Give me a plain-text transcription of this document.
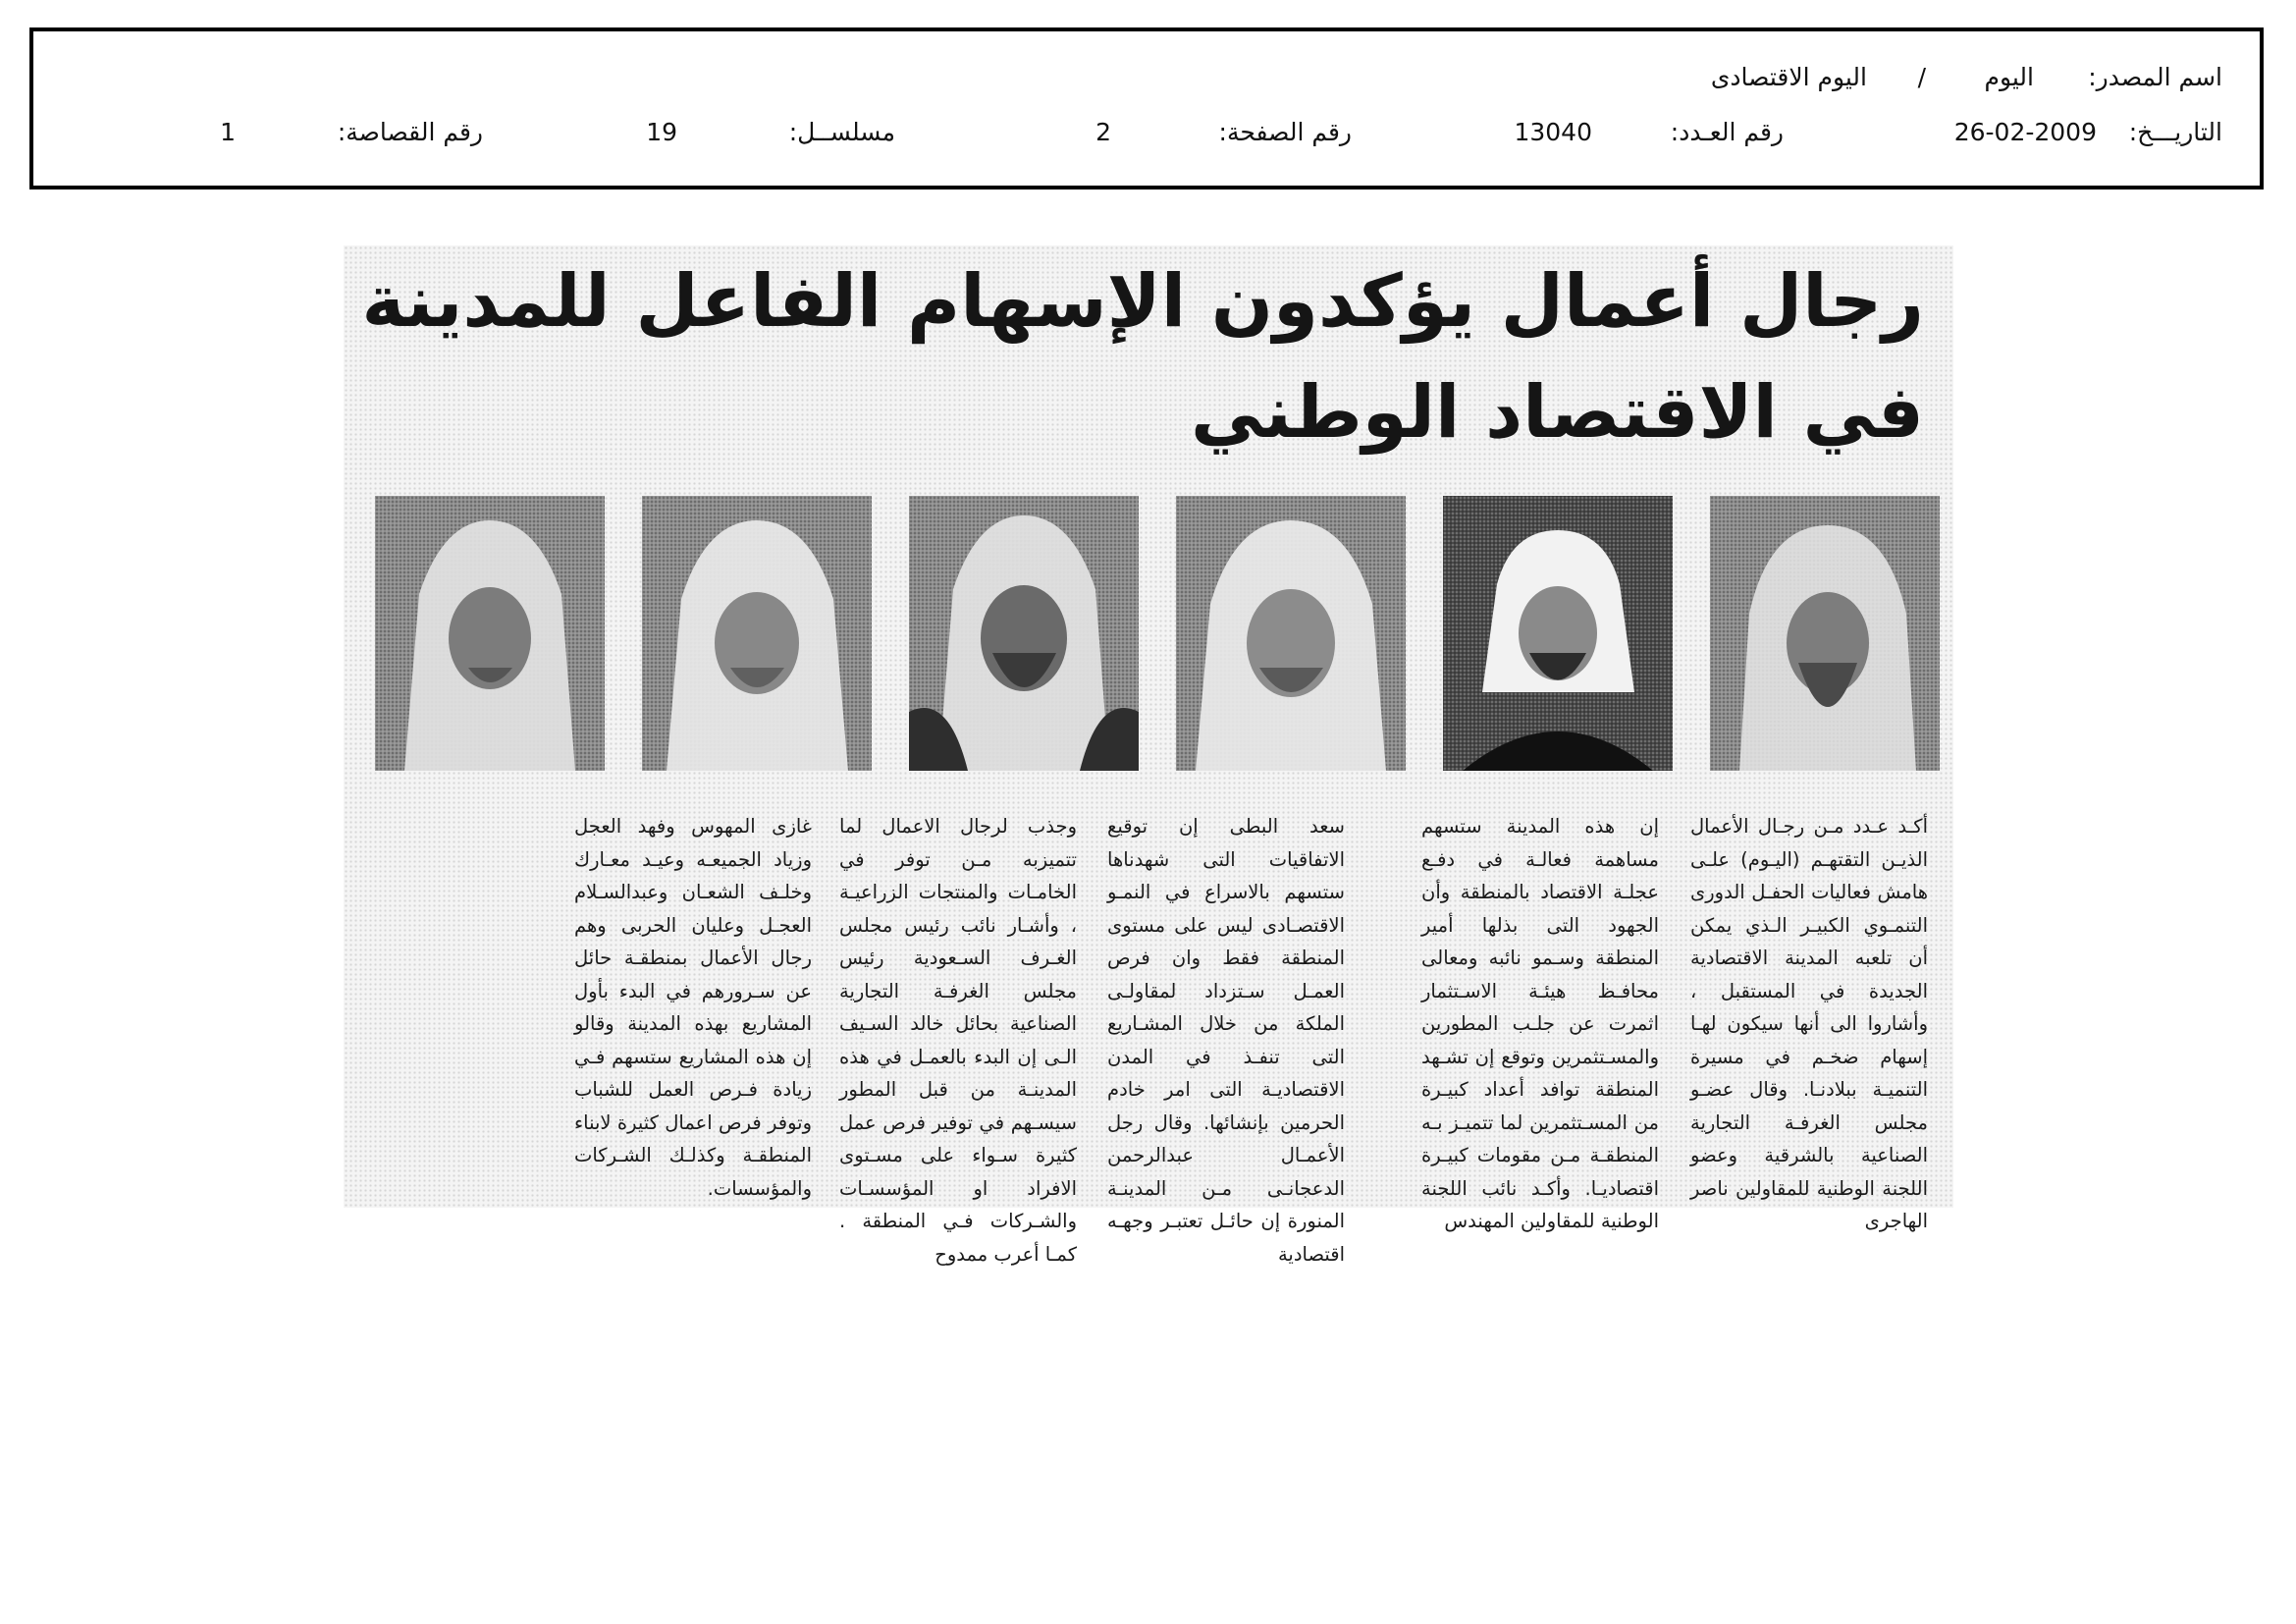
اسم المصدر:
اليوم
/
اليوم الاقتصادى
التاريـــخ:
26-02-2009
رقم العـدد:
13040
رقم الصفحة:
2
مسلســل:
19
رقم القصاصة:
1
رجال أعمال يؤكدون الإسهام الفاعل للمدينة
في الاقتصاد الوطني
أكـد عـدد مـن رجـال الأعمال الذيـن التقتهـم (اليـوم) علـى هامش فعاليات الحفـل الدورى التنمـوي الكبيـر الـذي يمكن أن تلعبه المدينة الاقتصادية الجديدة في المستقبل ، وأشاروا الى أنها سيكون لهـا إسهام ضخـم في مسيرة التنميـة ببلادنـا. وقال عضـو مجلس الغرفـة التجارية الصناعية بالشرقية وعضو اللجنة الوطنية للمقاولين ناصر الهاجرى
إن هذه المدينة ستسهم مساهمة فعالـة في دفـع عجلـة الاقتصاد بالمنطقة وأن الجهود التى بذلها أمير المنطقة وسـمو نائبه ومعالى محافـظ هيئـة الاسـتثمار اثمرت عن جلـب المطورين والمسـتثمرين وتوقع إن تشـهد المنطقة توافد أعداد كبيـرة من المسـتثمرين لما تتميـز بـه المنطقـة مـن مقومات كبيـرة اقتصاديـا. وأكـد نائب اللجنة الوطنية للمقاولين المهندس
سعد البطى إن توقيع الاتفاقيات التى شهدناها ستسهم بالاسراع في النمـو الاقتصـادى ليس على مستوى المنطقة فقط وان فرص العمـل سـتزداد لمقاولـى الملكة من خلال المشـاريع التى تنفـذ في المدن الاقتصاديـة التى امر خادم الحرمين بإنشائها. وقال رجل الأعمـال عبدالرحمن الدعجانـى مـن المدينـة المنورة إن حائـل تعتبـر وجهـه اقتصادية
وجذب لرجال الاعمال لما تتميزبه مـن توفر في الخامـات والمنتجات الزراعيـة ، وأشـار نائب رئيس مجلس الغـرف السـعودية رئيس مجلس الغرفـة التجارية الصناعية بحائل خالد السـيف الـى إن البدء بالعمـل في هذه المدينـة من قبل المطور سيسـهم في توفير فرص عمل كثيرة سـواء على مسـتوى الافراد او المؤسسـات والشـركات فـي المنطقة . كمـا أعرب ممدوح
غازى المهوس وفهد العجل وزياد الجميعـه وعيـد معـارك وخلـف الشعـان وعبدالسـلام العجـل وعليان الحربى وهم رجال الأعمال بمنطقـة حائل عن سـرورهم في البدء بأول المشاريع بهذه المدينة وقالو إن هذه المشاريع ستسهم فـي زيادة فـرص العمل للشباب وتوفر فرص اعمال كثيرة لابناء المنطقـة وكذلـك الشـركات والمؤسسات.
